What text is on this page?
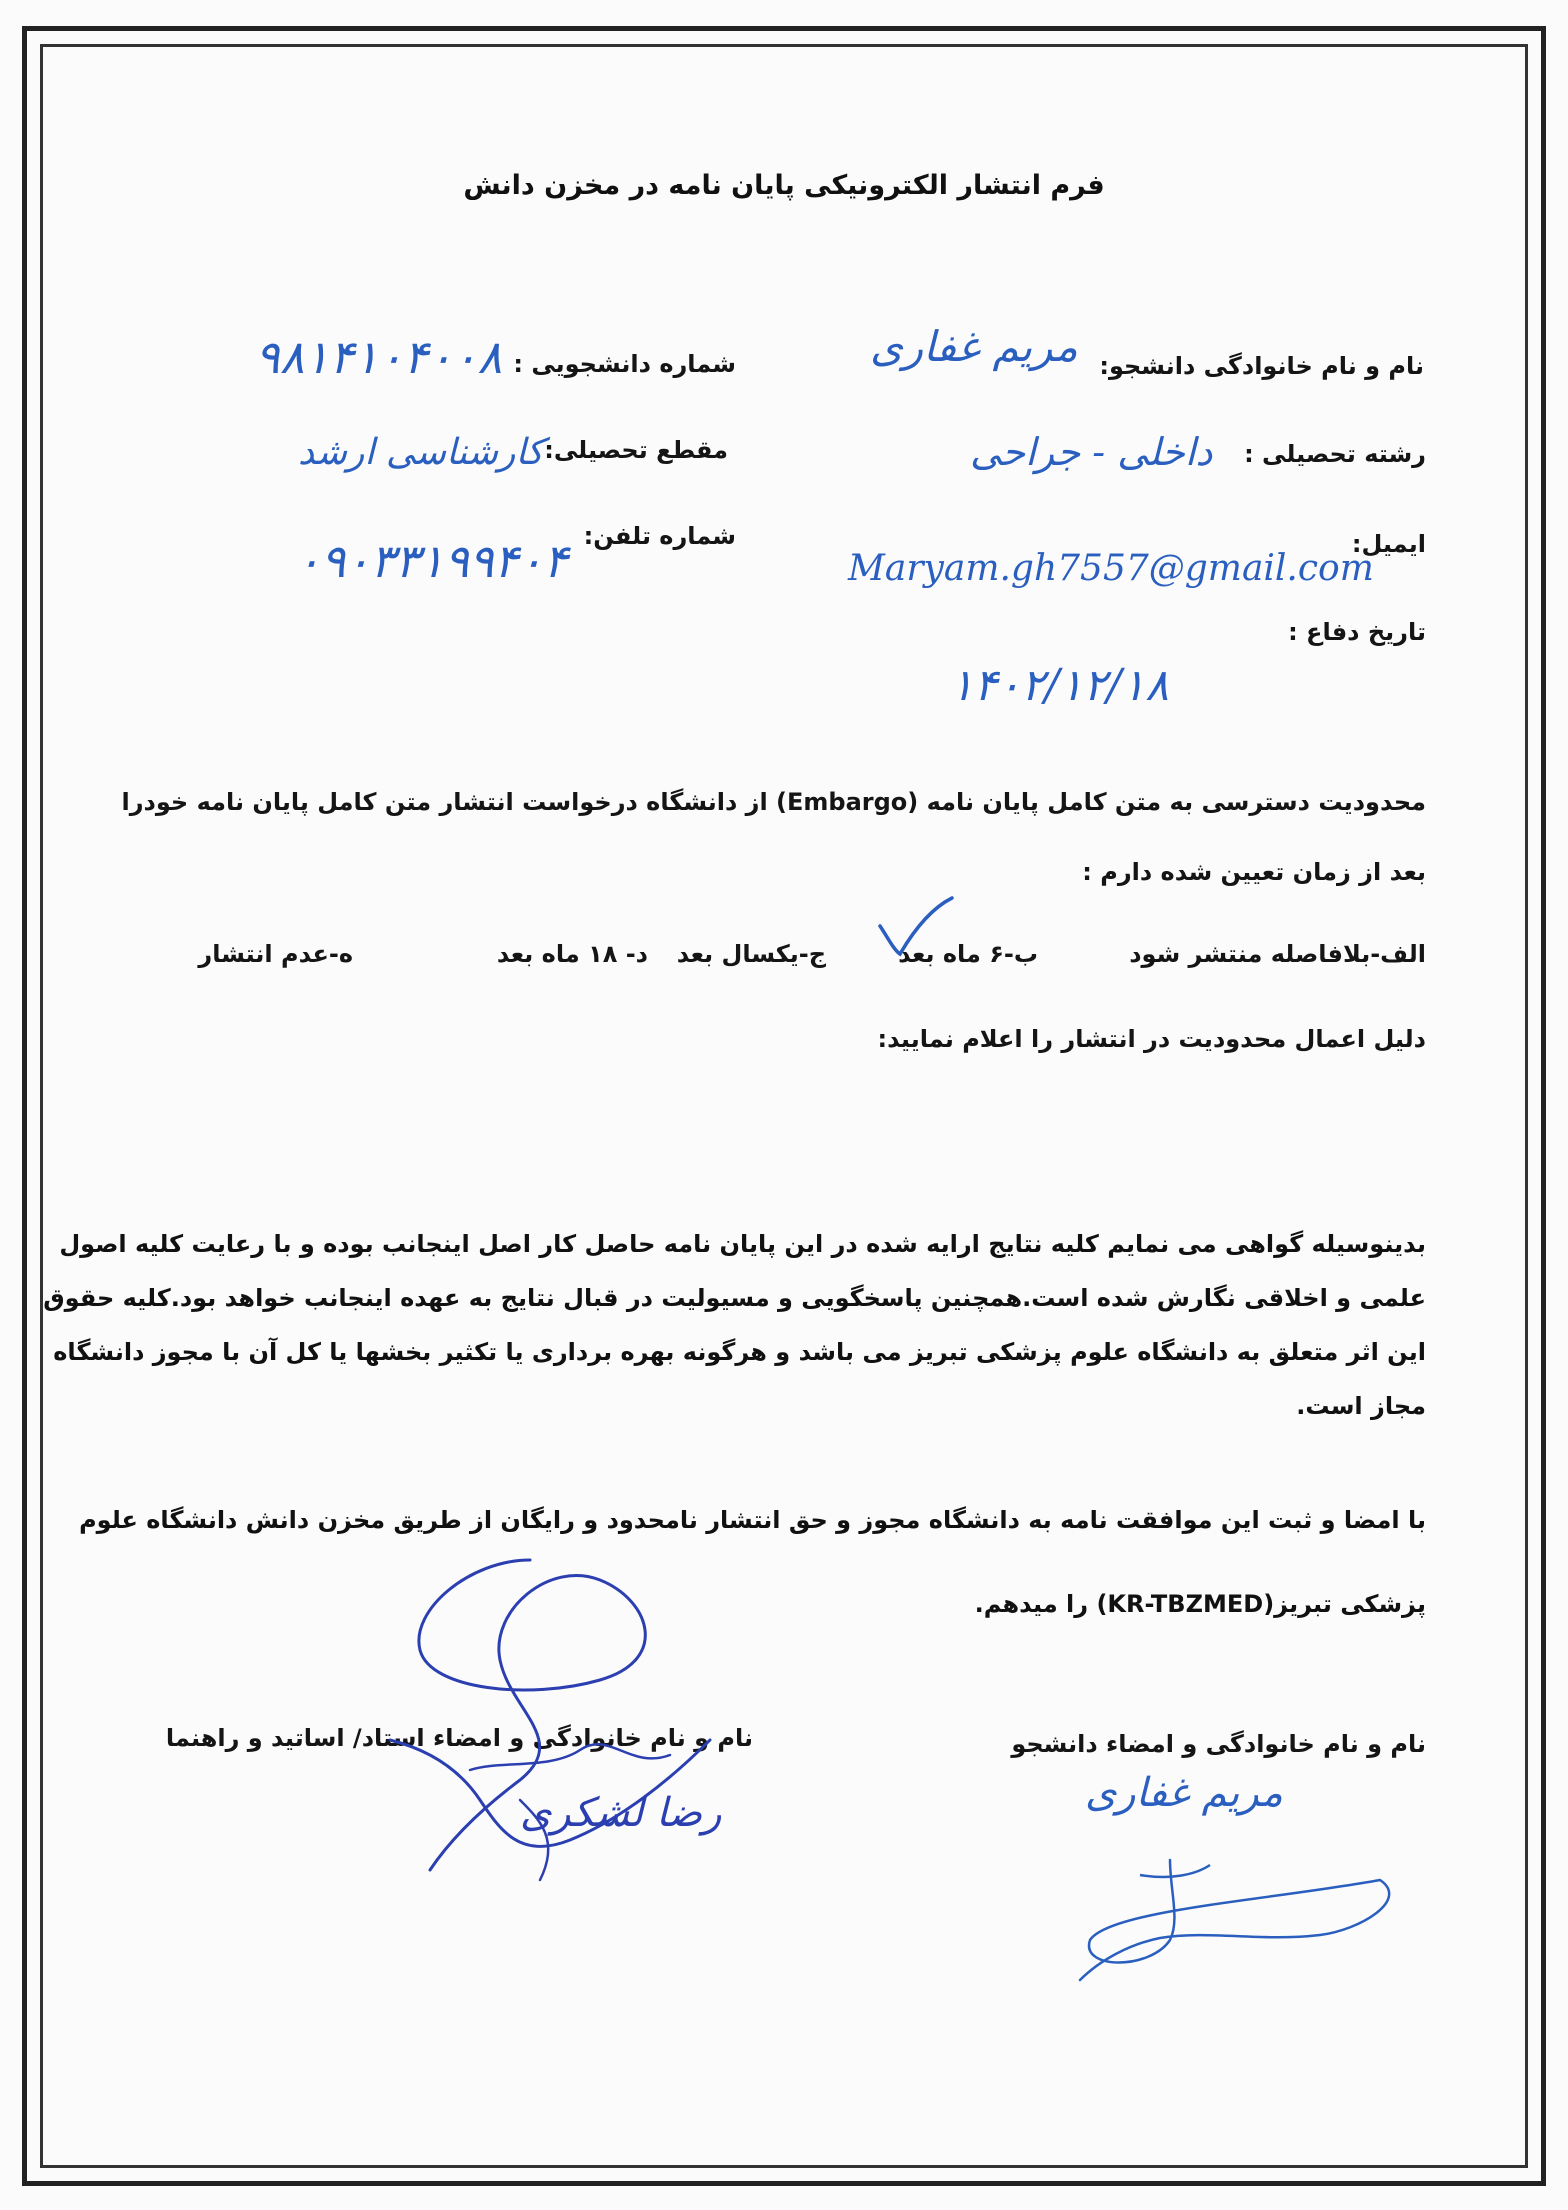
فرم انتشار الکترونیکی پایان نامه در مخزن دانش
نام و نام خانوادگی دانشجو:
مریم غفاری
شماره دانشجویی :
۹۸۱۴۱۰۴۰۰۸
رشته تحصیلی :
داخلی - جراحی
مقطع تحصیلی:
کارشناسی ارشد
ایمیل:
Maryam.gh7557@gmail.com
شماره تلفن:
۰۹۰۳۳۱۹۹۴۰۴
تاریخ دفاع :
۱۴۰۲/۱۲/۱۸
محدودیت دسترسی به متن کامل پایان نامه (Embargo) از دانشگاه درخواست انتشار متن کامل پایان نامه خودرا
بعد از زمان تعیین شده دارم :
الف-بلافاصله منتشر شود
ب-۶ ماه بعد
ج-یکسال بعد
د- ۱۸ ماه بعد
ه-عدم انتشار
دلیل اعمال محدودیت در انتشار را اعلام نمایید:

بدینوسیله گواهی می نمایم کلیه نتایج ارایه شده در این پایان نامه حاصل کار اصل اینجانب بوده و با رعایت کلیه اصول

علمی و اخلاقی نگارش شده است.همچنین پاسخگویی و مسیولیت در قبال نتایج به عهده اینجانب خواهد بود.کلیه حقوق

این اثر متعلق به دانشگاه علوم پزشکی تبریز می باشد و هرگونه بهره برداری یا تکثیر بخشها یا کل آن با مجوز دانشگاه

مجاز است.

با امضا و ثبت این موافقت نامه به دانشگاه مجوز و حق انتشار نامحدود و رایگان از طریق مخزن دانش دانشگاه علوم

پزشکی تبریز(KR-TBZMED) را میدهم.

نام و نام خانوادگی و امضاء دانشجو
نام و نام خانوادگی و امضاء استاد/ اساتید و راهنما
مریم غفاری
رضا لشکری
